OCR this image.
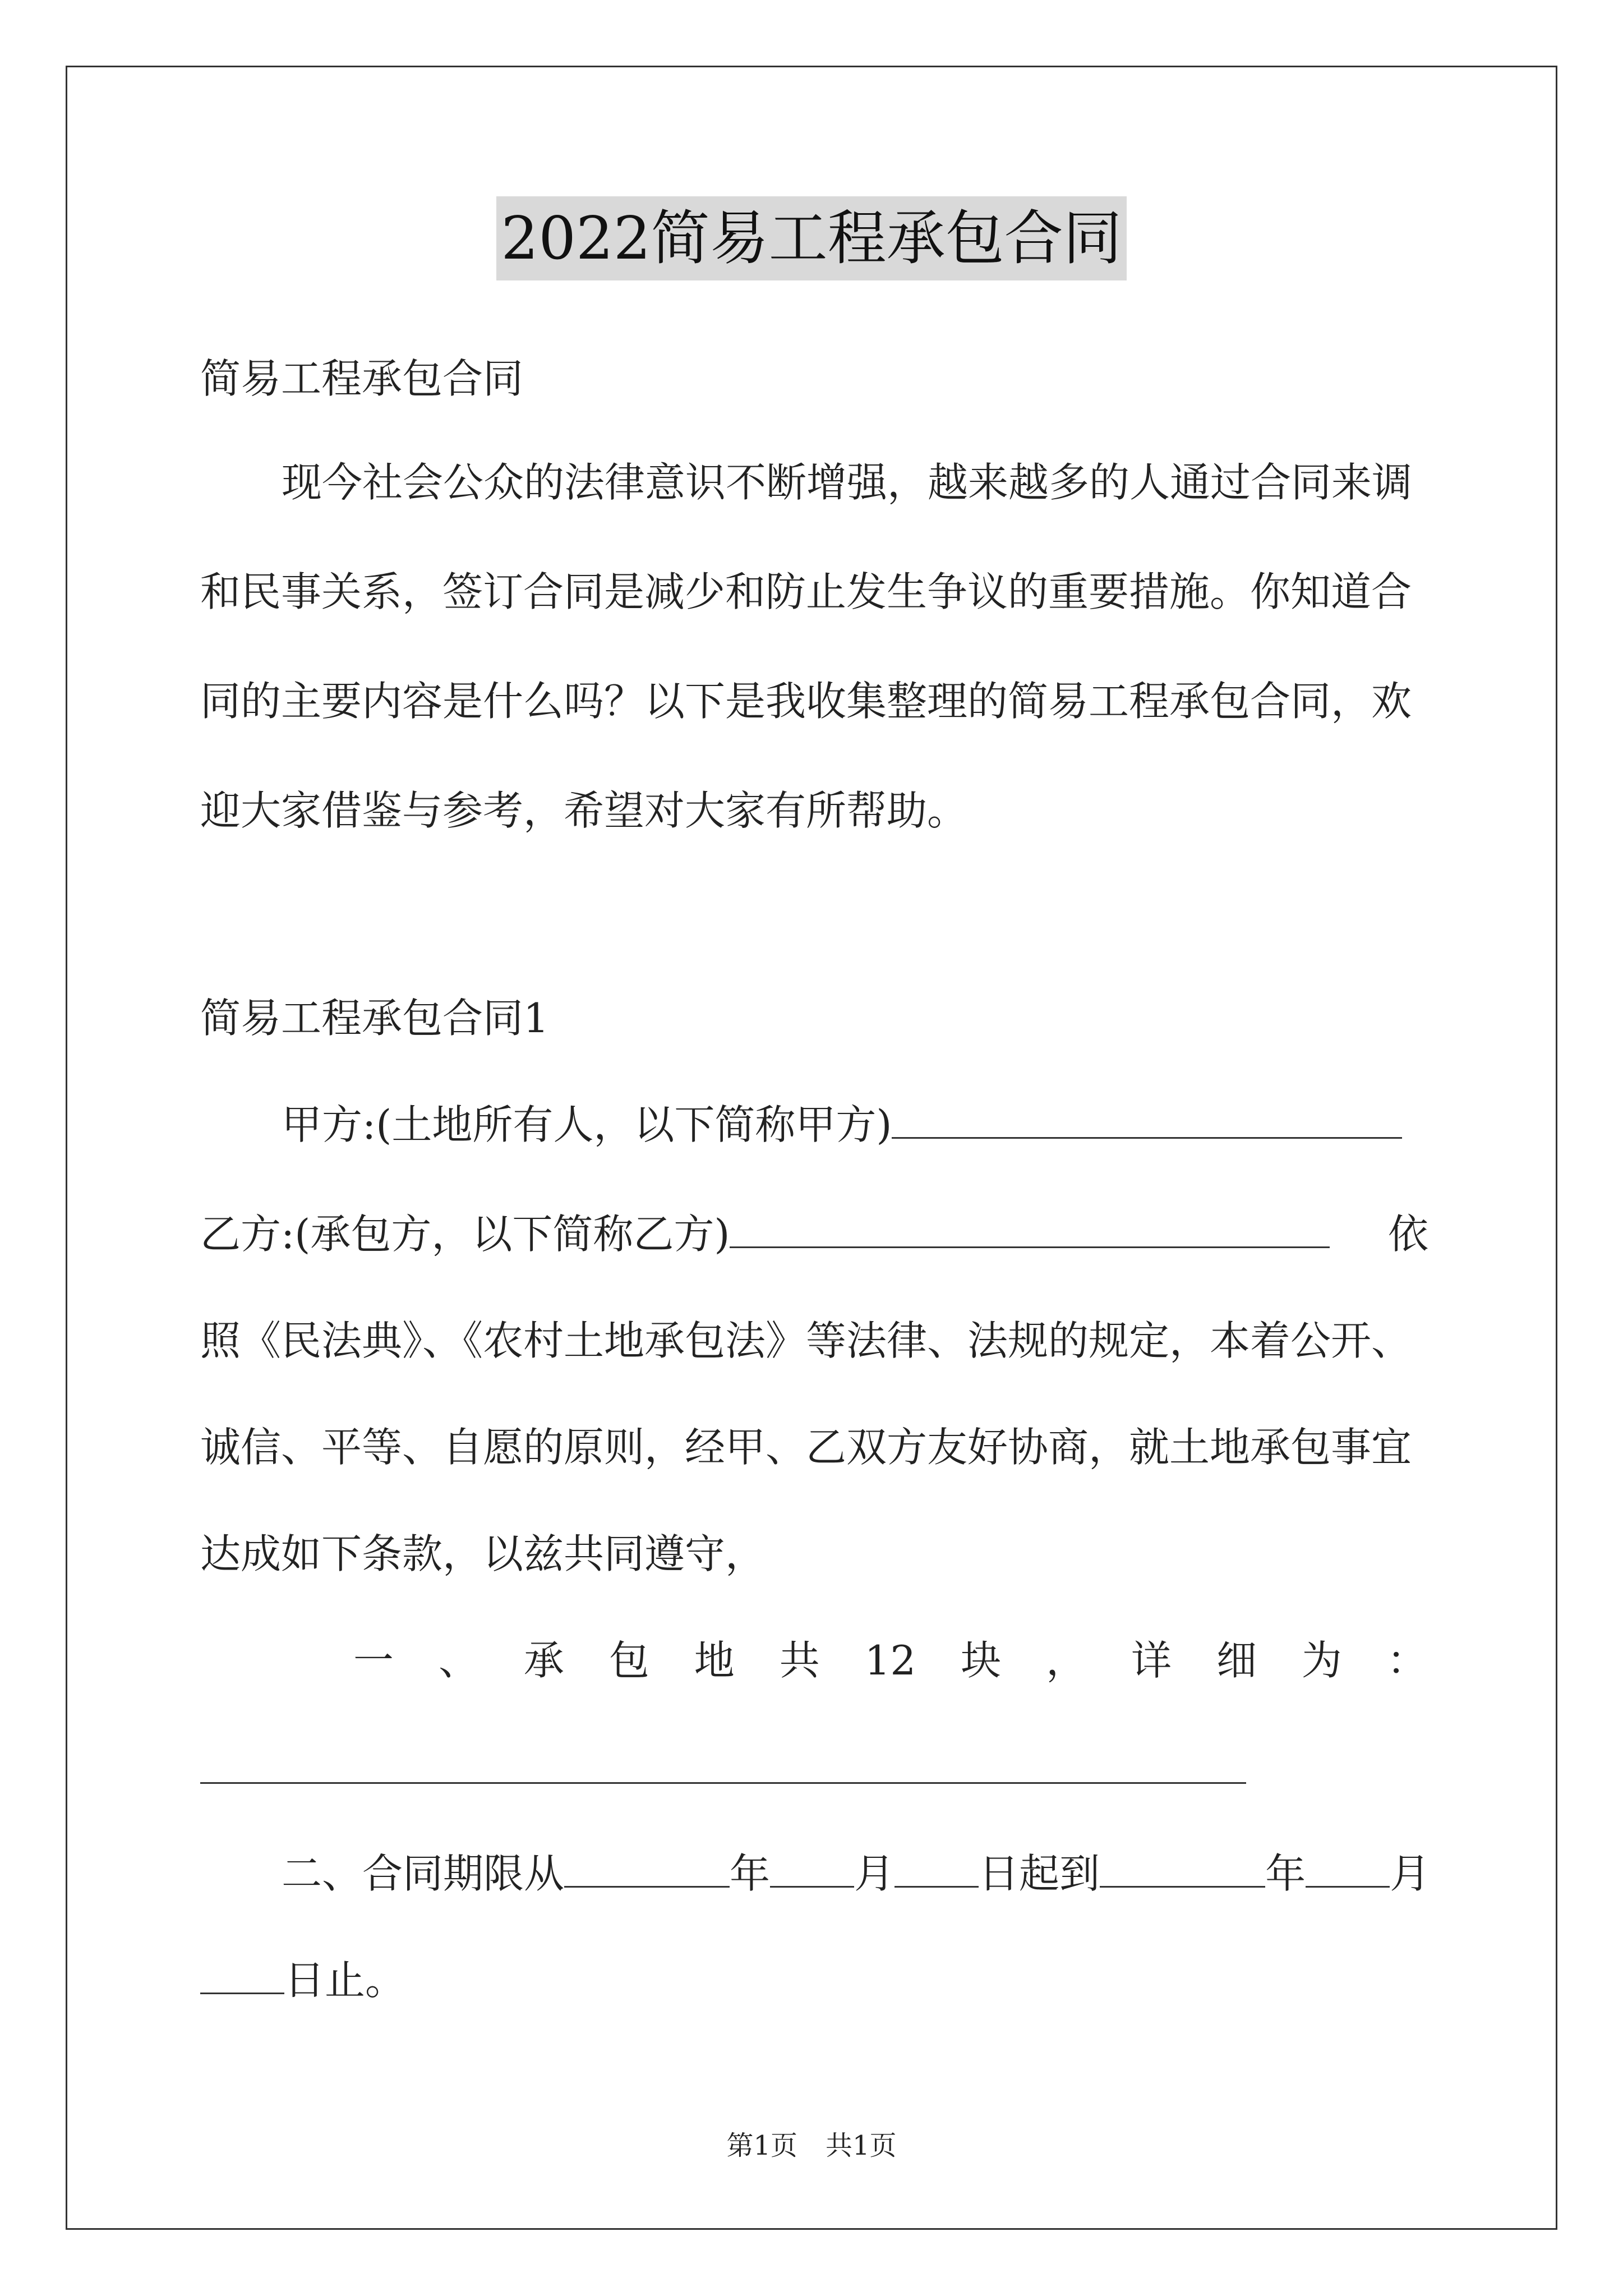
2022简易工程承包合同
简易工程承包合同
现今社会公众的法律意识不断增强，越来越多的人通过合同来调
和民事关系，签订合同是减少和防止发生争议的重要措施。你知道合
同的主要内容是什么吗？以下是我收集整理的简易工程承包合同，欢
迎大家借鉴与参考，希望对大家有所帮助。
简易工程承包合同1
甲方:(土地所有人，以下简称甲方)
乙方:(承包方，以下简称乙方)	依
照《民法典》、《农村土地承包法》等法律、法规的规定，本着公开、
诚信、平等、自愿的原则，经甲、乙双方友好协商，就土地承包事宜
达成如下条款，以兹共同遵守，
一 、 承 包 地 共 12 块 ， 详 细 为 ：
二、合同期限从	年 月 日起到	年 月
日止。
第1页 共1页
